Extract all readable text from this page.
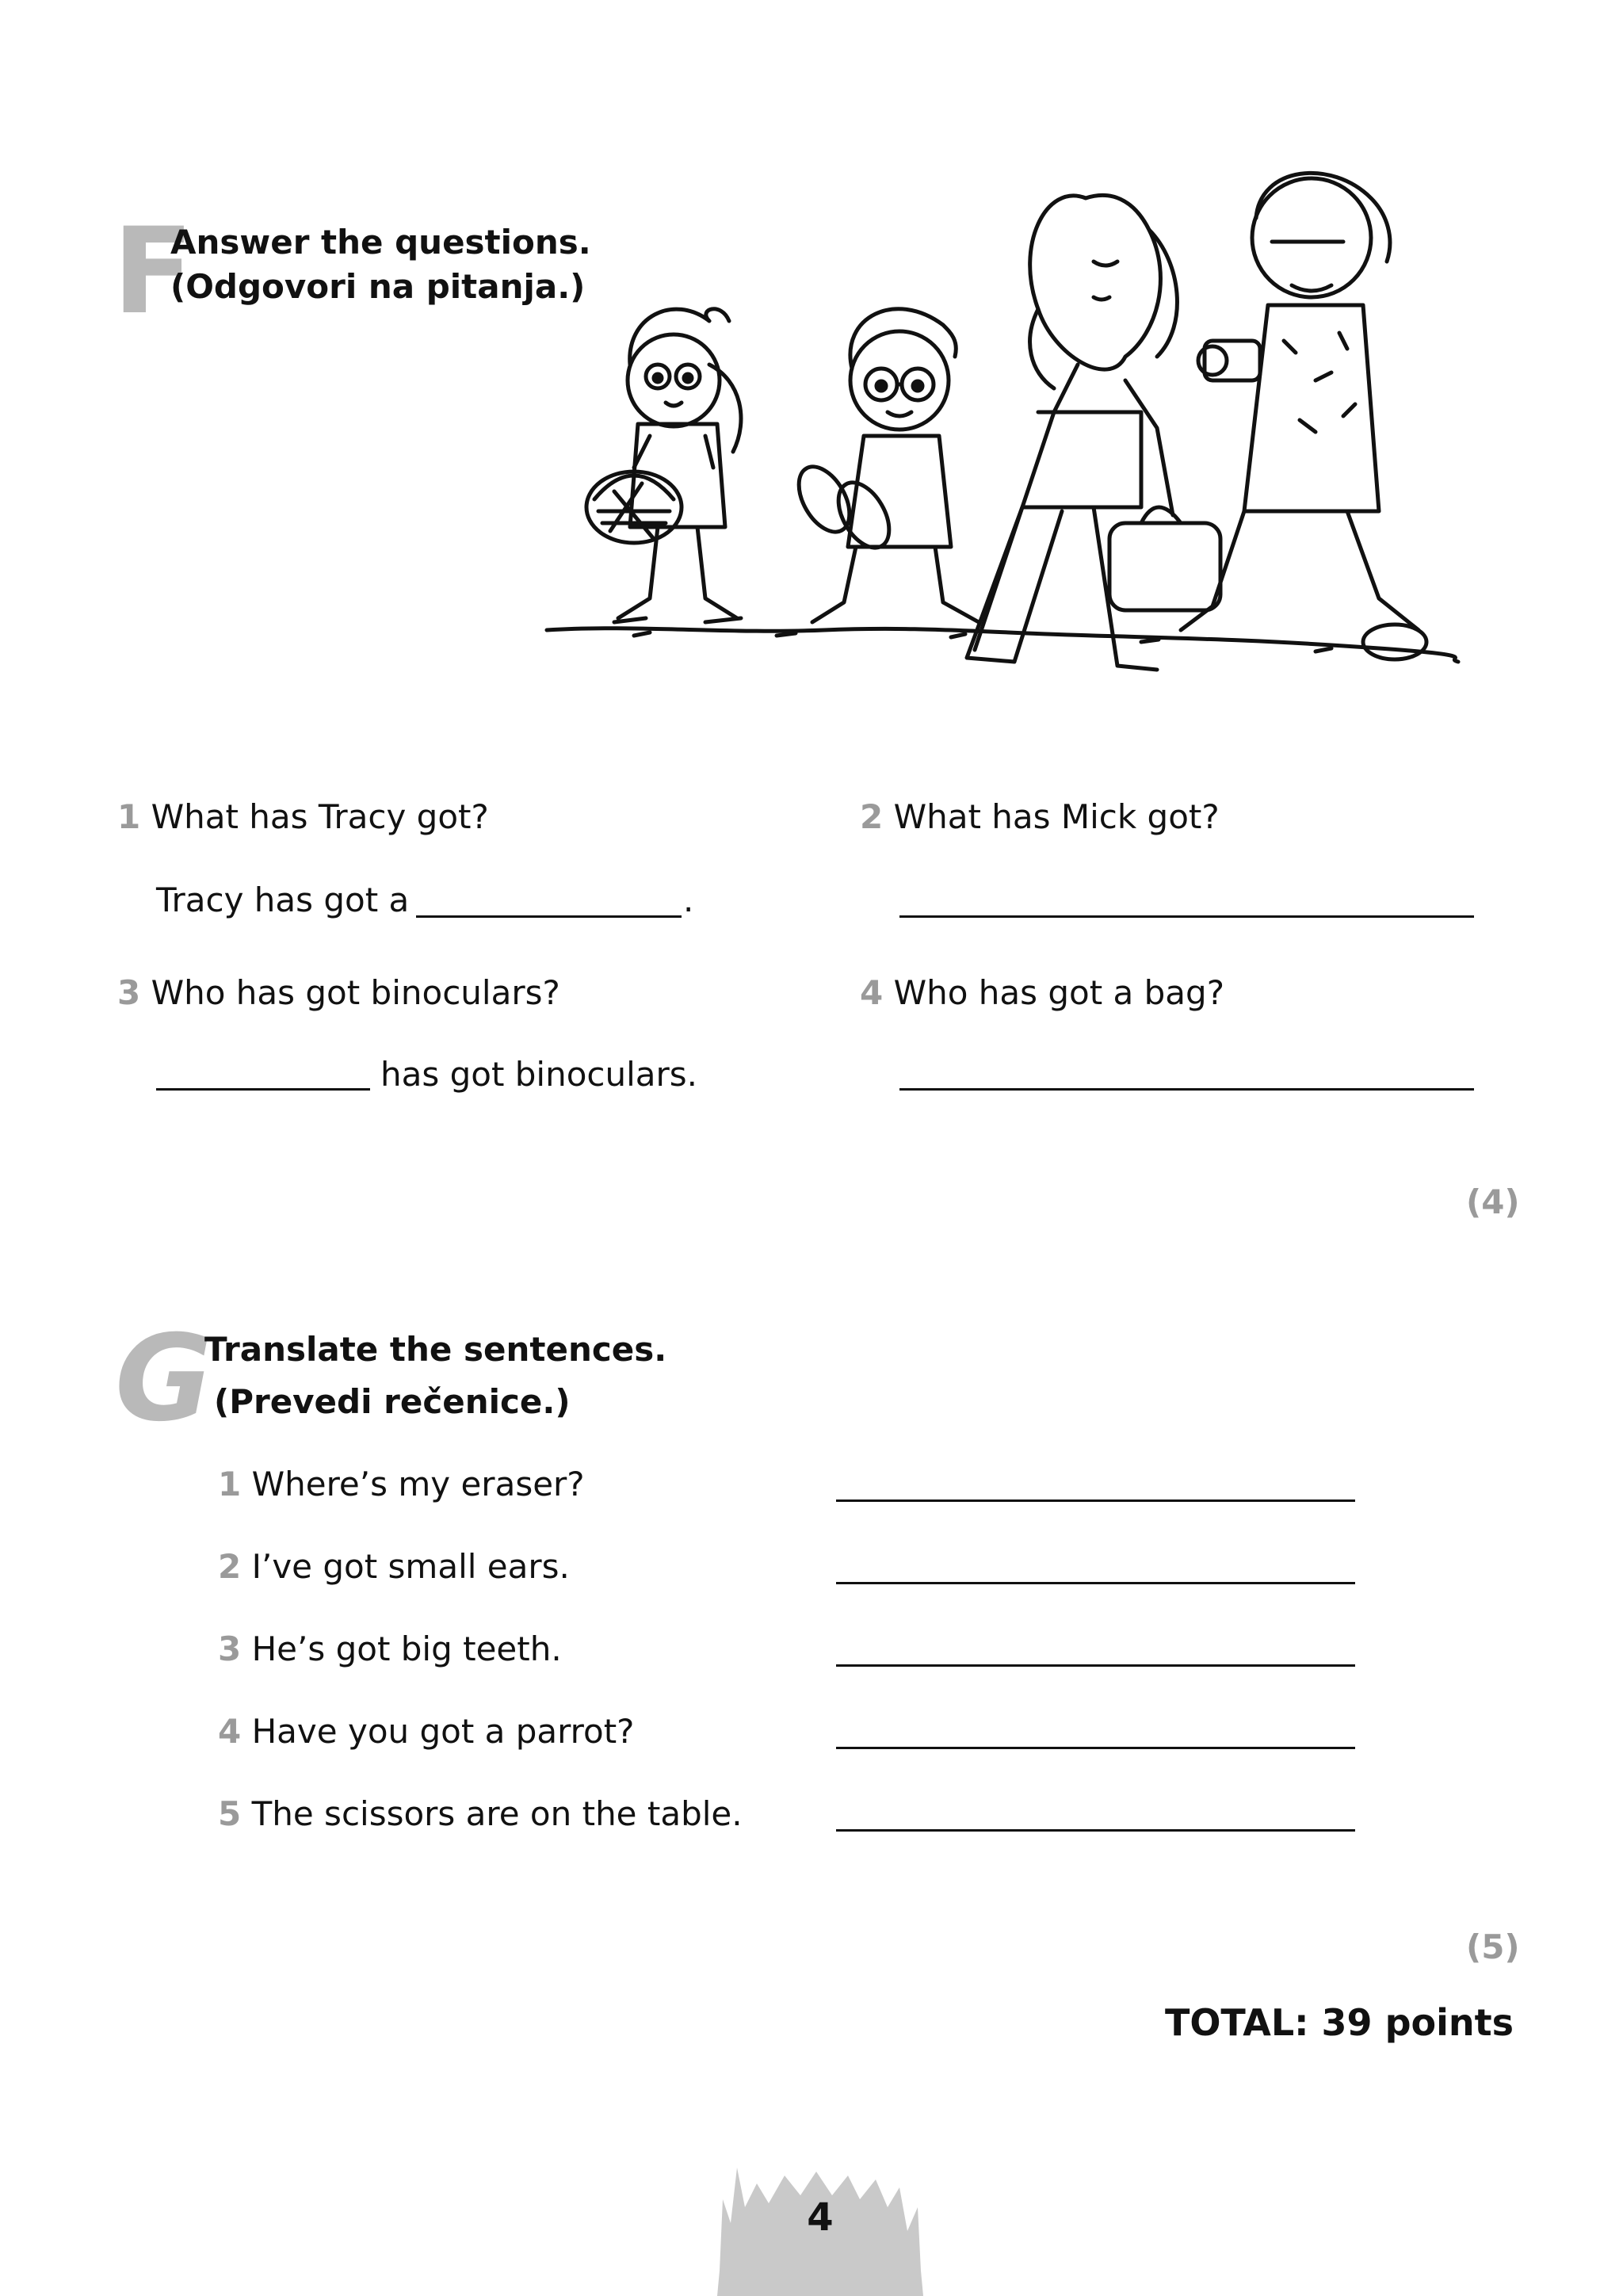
F
Answer the questions.
(Odgovori na pitanja.)
1 What has Tracy got?	2 What has Mick got?
Tracy has got a	.
3 Who has got binoculars?	4 Who has got a bag?
has got binoculars.
(4)
G
Translate the sentences.
(Prevedi rečenice.)
1 Where’s my eraser?
2 I’ve got small ears.
3 He’s got big teeth.
4 Have you got a parrot?
5 The scissors are on the table.
(5)
TOTAL: 39 points
4
